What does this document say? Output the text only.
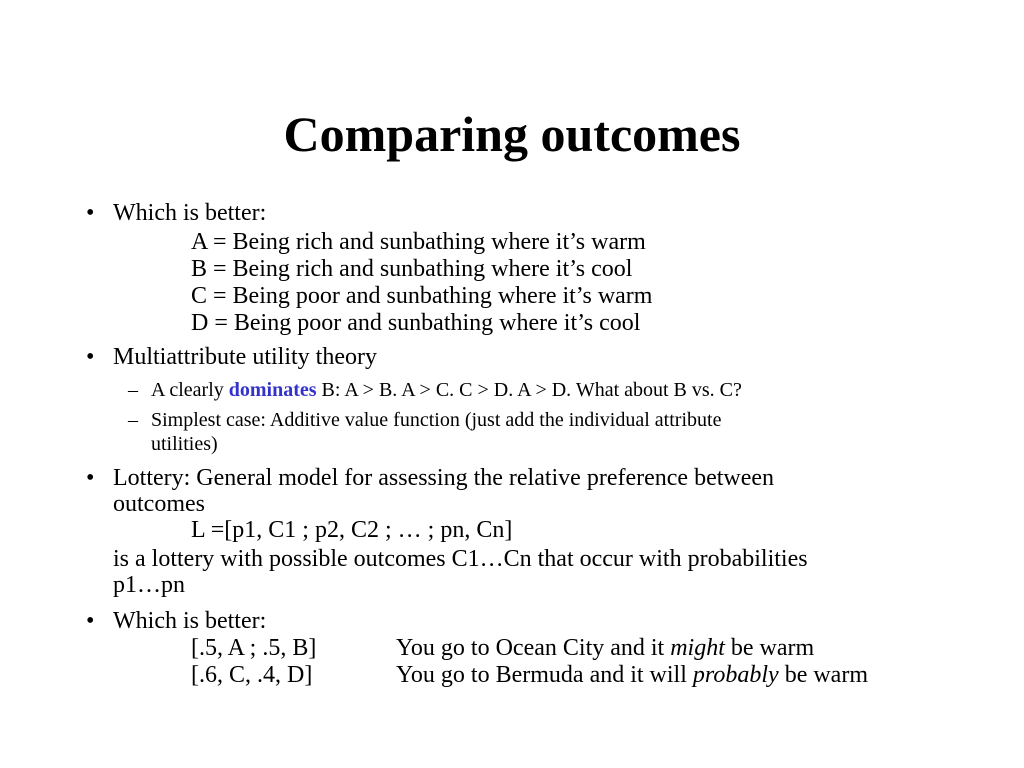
Comparing outcomes
• Which is better:
A = Being rich and sunbathing where it’s warm
B = Being rich and sunbathing where it’s cool
C = Being poor and sunbathing where it’s warm
D = Being poor and sunbathing where it’s cool
• Multiattribute utility theory
– A clearly dominates B: A > B. A > C. C > D. A > D. What about B vs. C?
– Simplest case: Additive value function (just add the individual attribute
utilities)
• Lottery: General model for assessing the relative preference between
outcomes
L =[p1, C1 ; p2, C2 ; … ; pn, Cn]
is a lottery with possible outcomes C1…Cn that occur with probabilities
p1…pn
• Which is better:
[.5, A ; .5, B]	You go to Ocean City and it might be warm
[.6, C, .4, D]	You go to Bermuda and it will probably be warm
